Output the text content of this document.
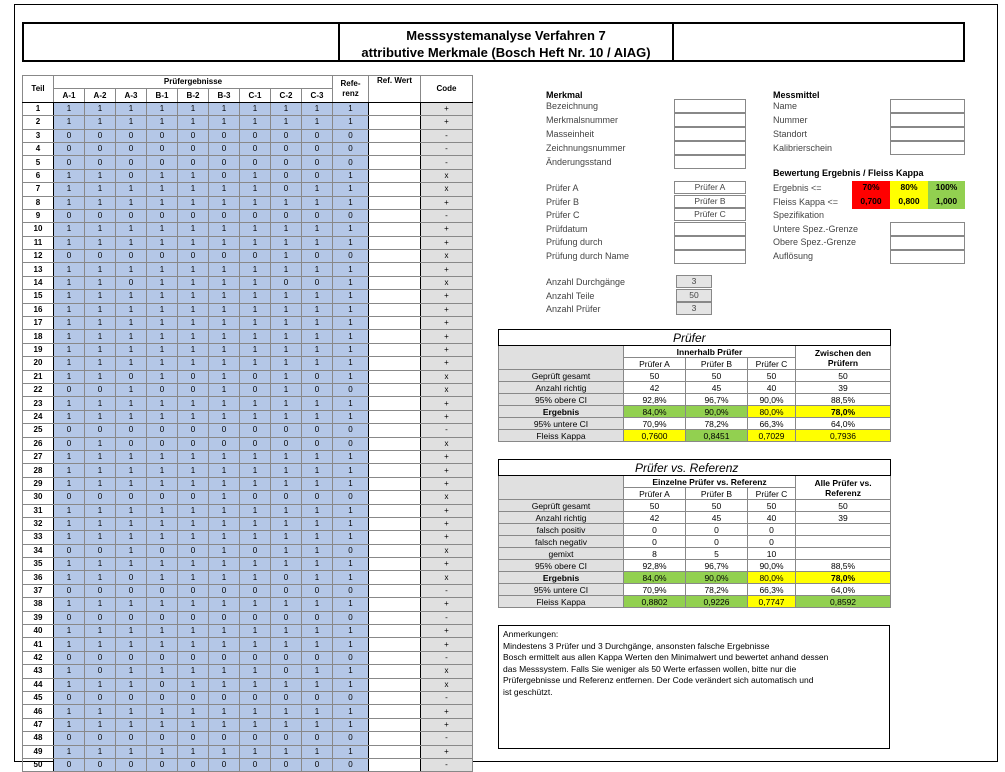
Messsystemanalyse Verfahren 7
attributive Merkmale (Bosch Heft Nr. 10 / AIAG)
Teil	Prüfergebnisse									Refe-
renz	Ref. Wert	Code
	A-1	A-2	A-3	B-1	B-2	B-3	C-1	C-2	C-3			
1	1	1	1	1	1	1	1	1	1	1		+
2	1	1	1	1	1	1	1	1	1	1		+
3	0	0	0	0	0	0	0	0	0	0		-
4	0	0	0	0	0	0	0	0	0	0		-
5	0	0	0	0	0	0	0	0	0	0		-
6	1	1	0	1	1	0	1	0	0	1		x
7	1	1	1	1	1	1	1	0	1	1		x
8	1	1	1	1	1	1	1	1	1	1		+
9	0	0	0	0	0	0	0	0	0	0		-
10	1	1	1	1	1	1	1	1	1	1		+
11	1	1	1	1	1	1	1	1	1	1		+
12	0	0	0	0	0	0	0	1	0	0		x
13	1	1	1	1	1	1	1	1	1	1		+
14	1	1	0	1	1	1	1	0	0	1		x
15	1	1	1	1	1	1	1	1	1	1		+
16	1	1	1	1	1	1	1	1	1	1		+
17	1	1	1	1	1	1	1	1	1	1		+
18	1	1	1	1	1	1	1	1	1	1		+
19	1	1	1	1	1	1	1	1	1	1		+
20	1	1	1	1	1	1	1	1	1	1		+
21	1	1	0	1	0	1	0	1	0	1		x
22	0	0	1	0	0	1	0	1	0	0		x
23	1	1	1	1	1	1	1	1	1	1		+
24	1	1	1	1	1	1	1	1	1	1		+
25	0	0	0	0	0	0	0	0	0	0		-
26	0	1	0	0	0	0	0	0	0	0		x
27	1	1	1	1	1	1	1	1	1	1		+
28	1	1	1	1	1	1	1	1	1	1		+
29	1	1	1	1	1	1	1	1	1	1		+
30	0	0	0	0	0	1	0	0	0	0		x
31	1	1	1	1	1	1	1	1	1	1		+
32	1	1	1	1	1	1	1	1	1	1		+
33	1	1	1	1	1	1	1	1	1	1		+
34	0	0	1	0	0	1	0	1	1	0		x
35	1	1	1	1	1	1	1	1	1	1		+
36	1	1	0	1	1	1	1	0	1	1		x
37	0	0	0	0	0	0	0	0	0	0		-
38	1	1	1	1	1	1	1	1	1	1		+
39	0	0	0	0	0	0	0	0	0	0		-
40	1	1	1	1	1	1	1	1	1	1		+
41	1	1	1	1	1	1	1	1	1	1		+
42	0	0	0	0	0	0	0	0	0	0		-
43	1	0	1	1	1	1	1	0	1	1		x
44	1	1	1	0	1	1	1	1	1	1		x
45	0	0	0	0	0	0	0	0	0	0		-
46	1	1	1	1	1	1	1	1	1	1		+
47	1	1	1	1	1	1	1	1	1	1		+
48	0	0	0	0	0	0	0	0	0	0		-
49	1	1	1	1	1	1	1	1	1	1		+
50	0	0	0	0	0	0	0	0	0	0		-
Merkmal
Bezeichnung
Merkmalsnummer
Masseinheit
Zeichnungsnummer
Änderungsstand
Prüfer A
Prüfer B
Prüfer C
Prüfer A
Prüfer B
Prüfer C
Prüfdatum
Prüfung durch
Prüfung durch Name
Anzahl Durchgänge
Anzahl Teile
Anzahl Prüfer
3
50
3
Messmittel
Name
Nummer
Standort
Kalibrierschein
Bewertung Ergebnis / Fleiss Kappa
Ergebnis <=
Fleiss Kappa <=
70%	80%	100%
0,700	0,800	1,000
Spezifikation
Untere Spez.-Grenze
Obere Spez.-Grenze
Auflösung
Prüfer				
	Innerhalb Prüfer			Zwischen den
Prüfern

	Prüfer A	Prüfer B	Prüfer C	
Geprüft gesamt	50	50	50	50
Anzahl richtig	42	45	40	39
95% obere CI	92,8%	96,7%	90,0%	88,5%
Ergebnis	84,0%	90,0%	80,0%	78,0%
95% untere CI	70,9%	78,2%	66,3%	64,0%
Fleiss Kappa	0,7600	0,8451	0,7029	0,7936
Prüfer vs. Referenz				
	Einzelne Prüfer vs. Referenz			Alle Prüfer vs.
Referenz

	Prüfer A	Prüfer B	Prüfer C	
Geprüft gesamt	50	50	50	50
Anzahl richtig	42	45	40	39
falsch positiv	0	0	0	
falsch negativ	0	0	0	
gemixt	8	5	10	
95% obere CI	92,8%	96,7%	90,0%	88,5%
Ergebnis	84,0%	90,0%	80,0%	78,0%
95% untere CI	70,9%	78,2%	66,3%	64,0%
Fleiss Kappa	0,8802	0,9226	0,7747	0,8592
Anmerkungen:
Mindestens 3 Prüfer und 3 Durchgänge, ansonsten falsche Ergebnisse
Bosch ermittelt aus allen Kappa Werten den Minimalwert und bewertet anhand dessen
das Messsystem. Falls Sie weniger als 50 Werte erfassen wollen, bitte nur die
Prüfergebnisse und Referenz entfernen. Der Code verändert sich automatisch und
ist geschützt.
